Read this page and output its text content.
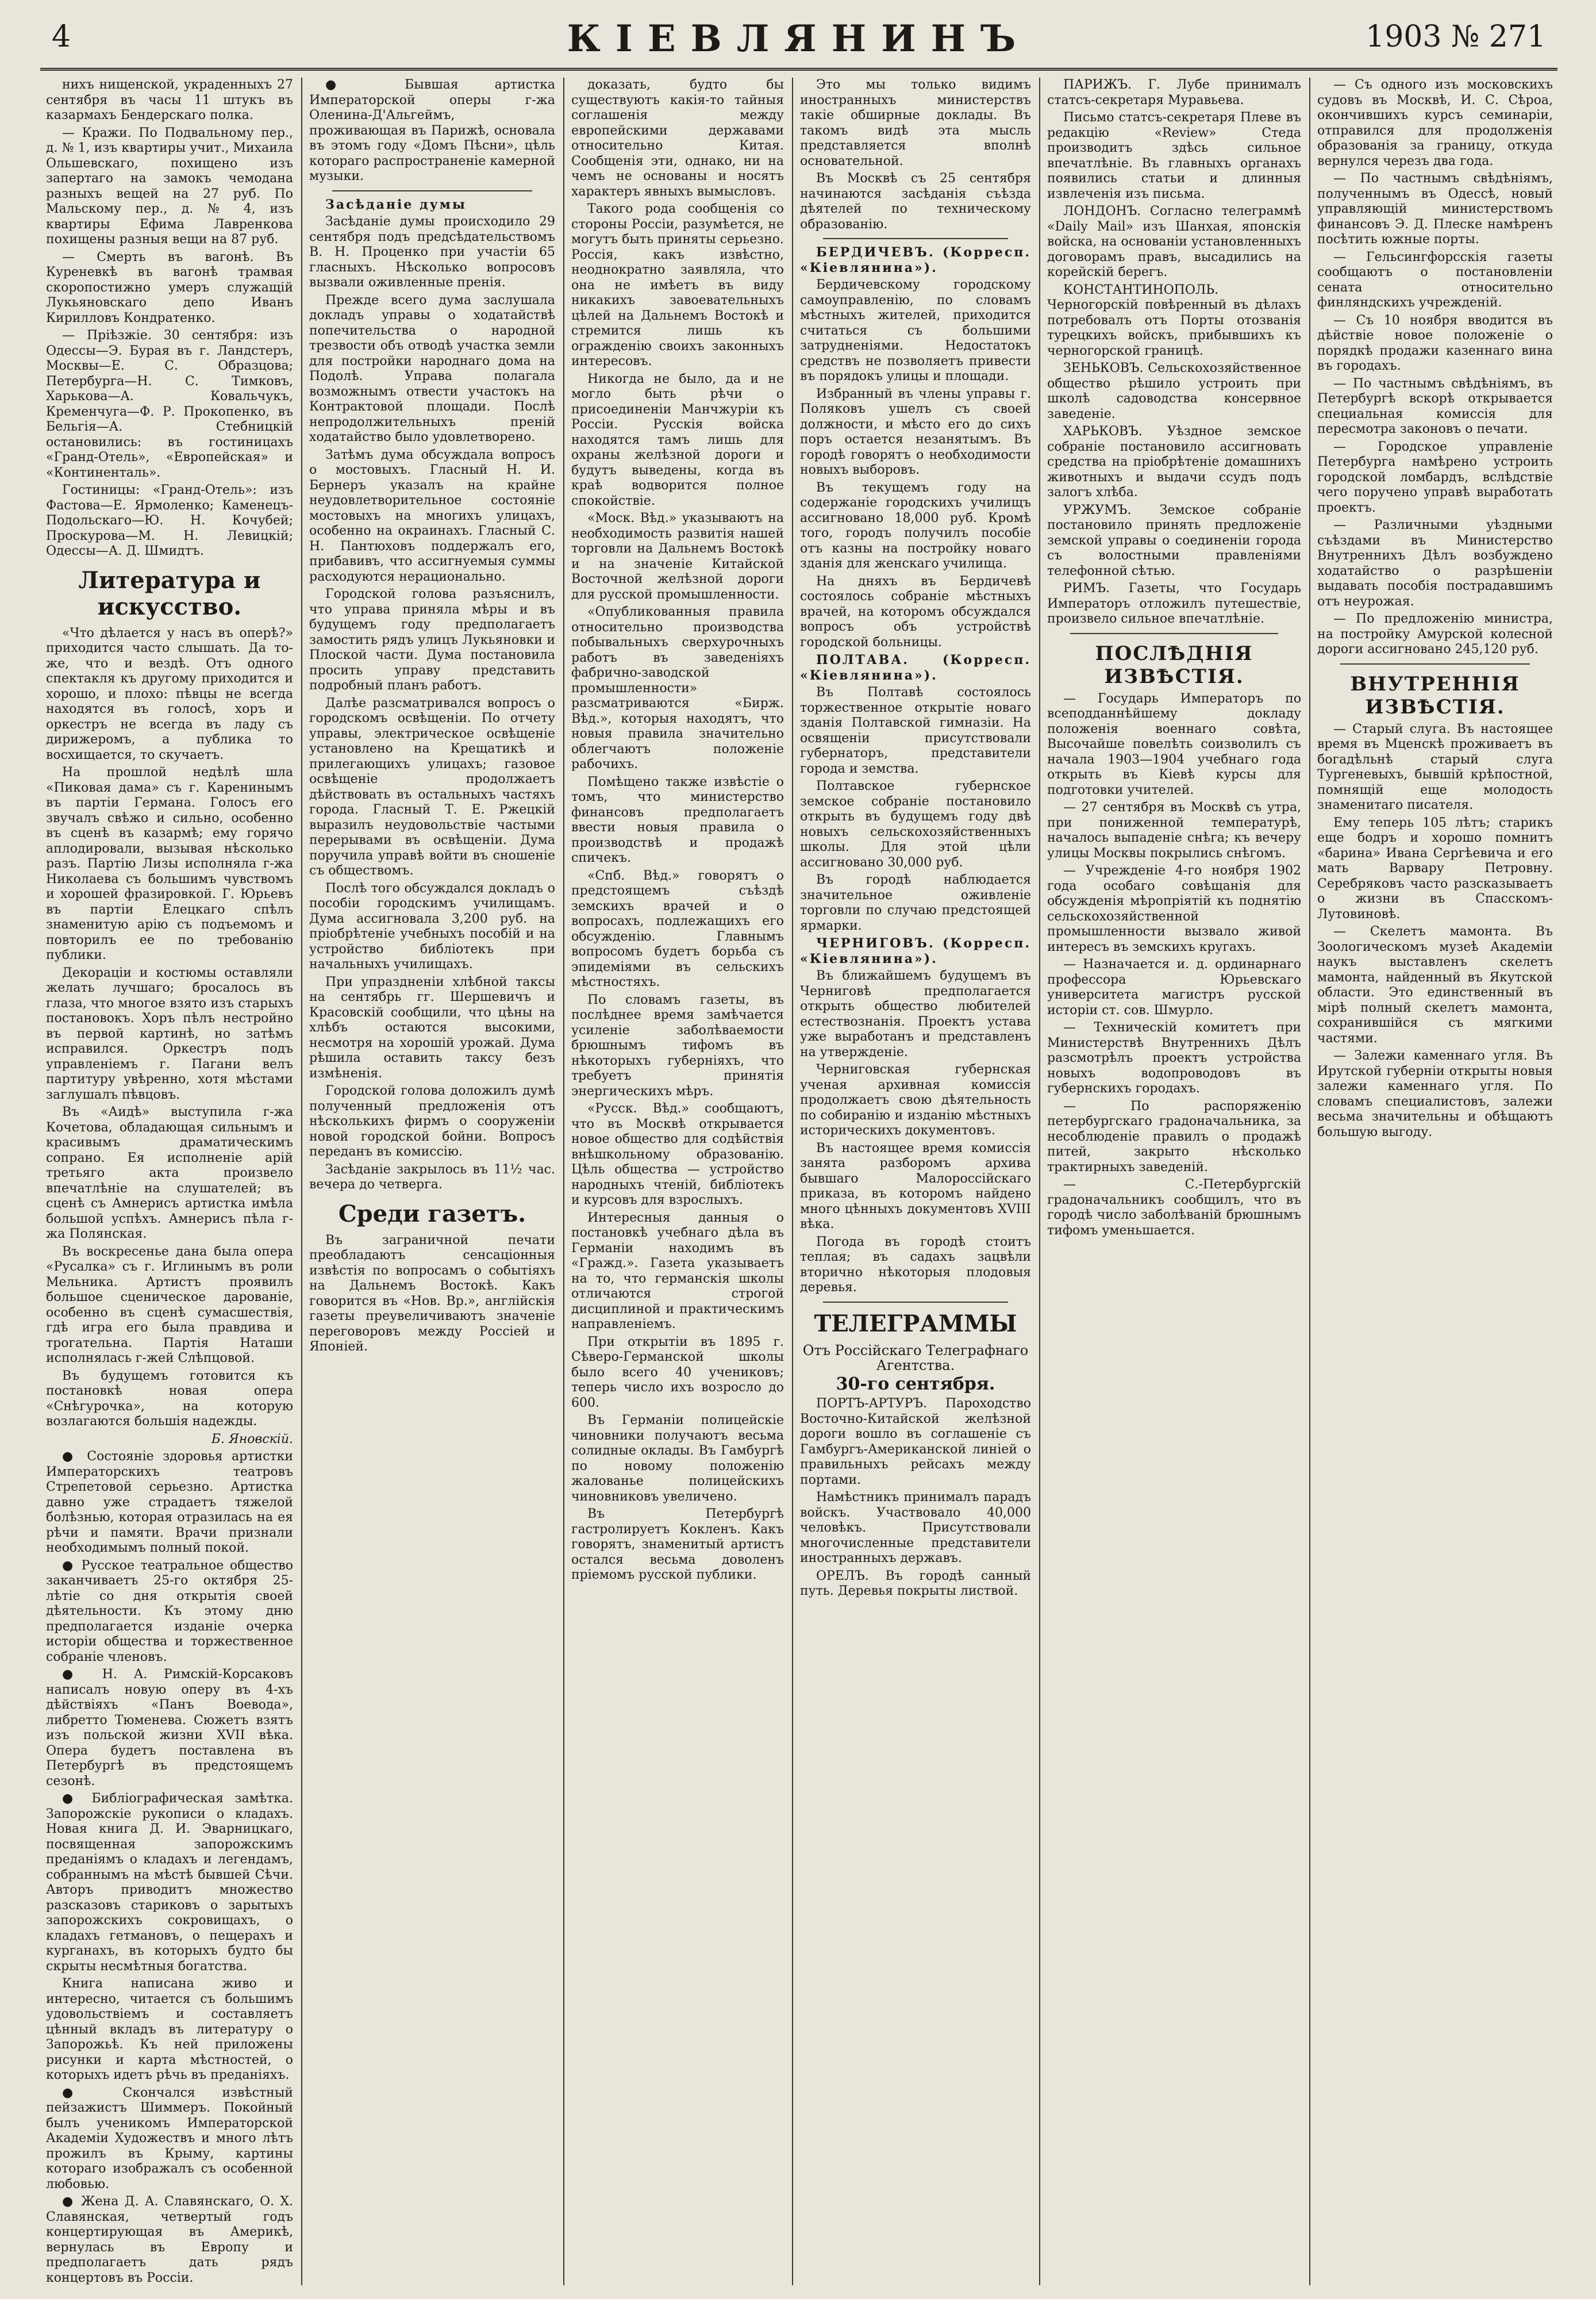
4	КІЕВЛЯНИНЪ	1903 № 271

нихъ нищенской, украденныхъ 27 сентября въ часы 11 штукъ въ казармахъ Бендерскаго полка.

— Кражи. По Подвальному пер., д. № 1, изъ квартиры учит., Михаила Ольшевскаго, похищено изъ запертаго на замокъ чемодана разныхъ вещей на 27 руб. По Мальскому пер., д. № 4, изъ квартиры Ефима Лавренкова похищены разныя вещи на 87 руб.

— Смерть въ вагонѣ. Въ Куреневкѣ въ вагонѣ трамвая скоропостижно умеръ служащій Лукьяновскаго депо Иванъ Кирилловъ Кондратенко.

— Пріѣзжіе. 30 сентября: изъ Одессы—Э. Бурая въ г. Ландстеръ, Москвы—Е. С. Образцова; Петербурга—Н. С. Тимковъ, Харькова—А. Ковальчукъ, Кременчуга—Ф. Р. Прокопенко, въ Бельгія—А. Стебницкій остановились: въ гостиницахъ «Гранд-Отель», «Европейская» и «Континенталь».

Гостиницы: «Гранд-Отель»: изъ Фастова—Е. Ярмоленко; Каменецъ-Подольскаго—Ю. Н. Кочубей; Проскурова—М. Н. Левицкій; Одессы—А. Д. Шмидтъ.

Литература и искусство.

«Что дѣлается у насъ въ оперѣ?» приходится часто слышать. Да то-же, что и вездѣ. Отъ одного спектакля къ другому приходится и хорошо, и плохо: пѣвцы не всегда находятся въ голосѣ, хоръ и оркестръ не всегда въ ладу съ дирижеромъ, а публика то восхищается, то скучаетъ.

На прошлой недѣлѣ шла «Пиковая дама» съ г. Каренинымъ въ партіи Германа. Голосъ его звучалъ свѣжо и сильно, особенно въ сценѣ въ казармѣ; ему горячо аплодировали, вызывая нѣсколько разъ. Партію Лизы исполняла г-жа Николаева съ большимъ чувствомъ и хорошей фразировкой. Г. Юрьевъ въ партіи Елецкаго спѣлъ знаменитую арію съ подъемомъ и повторилъ ее по требованію публики.

Декораціи и костюмы оставляли желать лучшаго; бросалось въ глаза, что многое взято изъ старыхъ постановокъ. Хоръ пѣлъ нестройно въ первой картинѣ, но затѣмъ исправился. Оркестръ подъ управленіемъ г. Пагани велъ партитуру увѣренно, хотя мѣстами заглушалъ пѣвцовъ.

Въ «Аидѣ» выступила г-жа Кочетова, обладающая сильнымъ и красивымъ драматическимъ сопрано. Ея исполненіе арій третьяго акта произвело впечатлѣніе на слушателей; въ сценѣ съ Амнерисъ артистка имѣла большой успѣхъ. Амнерисъ пѣла г-жа Полянская.

Въ воскресенье дана была опера «Русалка» съ г. Иглинымъ въ роли Мельника. Артистъ проявилъ большое сценическое дарованіе, особенно въ сценѣ сумасшествія, гдѣ игра его была правдива и трогательна. Партія Наташи исполнялась г-жей Слѣпцовой.

Въ будущемъ готовится къ постановкѣ новая опера «Снѣгурочка», на которую возлагаются большія надежды.

Б. Яновскій.

● Состояніе здоровья артистки Императорскихъ театровъ Стрепетовой серьезно. Артистка давно уже страдаетъ тяжелой болѣзнью, которая отразилась на ея рѣчи и памяти. Врачи признали необходимымъ полный покой.

● Русское театральное общество заканчиваетъ 25-го октября 25-лѣтіе со дня открытія своей дѣятельности. Къ этому дню предполагается изданіе очерка исторіи общества и торжественное собраніе членовъ.

● Н. А. Римскій-Корсаковъ написалъ новую оперу въ 4-хъ дѣйствіяхъ «Панъ Воевода», либретто Тюменева. Сюжетъ взятъ изъ польской жизни XVII вѣка. Опера будетъ поставлена въ Петербургѣ въ предстоящемъ сезонѣ.

● Библіографическая замѣтка. Запорожскіе рукописи о кладахъ. Новая книга Д. И. Эварницкаго, посвященная запорожскимъ преданіямъ о кладахъ и легендамъ, собраннымъ на мѣстѣ бывшей Сѣчи. Авторъ приводитъ множество разсказовъ стариковъ о зарытыхъ запорожскихъ сокровищахъ, о кладахъ гетмановъ, о пещерахъ и курганахъ, въ которыхъ будто бы скрыты несмѣтныя богатства.

Книга написана живо и интересно, читается съ большимъ удовольствіемъ и составляетъ цѣнный вкладъ въ литературу о Запорожьѣ. Къ ней приложены рисунки и карта мѣстностей, о которыхъ идетъ рѣчь въ преданіяхъ.

● Скончался извѣстный пейзажистъ Шиммеръ. Покойный былъ ученикомъ Императорской Академіи Художествъ и много лѣтъ прожилъ въ Крыму, картины котораго изображалъ съ особенной любовью.

● Жена Д. А. Славянскаго, О. Х. Славянская, четвертый годъ концертирующая въ Америкѣ, вернулась въ Европу и предполагаетъ дать рядъ концертовъ въ Россіи.

● Бывшая артистка Императорской оперы г-жа Оленина-Д'Альгеймъ, проживающая въ Парижѣ, основала въ этомъ году «Домъ Пѣсни», цѣль котораго распространеніе камерной музыки.

Засѣданіе думы

Засѣданіе думы происходило 29 сентября подъ предсѣдательствомъ В. Н. Проценко при участіи 65 гласныхъ. Нѣсколько вопросовъ вызвали оживленные пренія.

Прежде всего дума заслушала докладъ управы о ходатайствѣ попечительства о народной трезвости объ отводѣ участка земли для постройки народнаго дома на Подолѣ. Управа полагала возможнымъ отвести участокъ на Контрактовой площади. Послѣ непродолжительныхъ преній ходатайство было удовлетворено.

Затѣмъ дума обсуждала вопросъ о мостовыхъ. Гласный Н. И. Бернеръ указалъ на крайне неудовлетворительное состояніе мостовыхъ на многихъ улицахъ, особенно на окраинахъ. Гласный С. Н. Пантюховъ поддержалъ его, прибавивъ, что ассигнуемыя суммы расходуются нерационально.

Городской голова разъяснилъ, что управа приняла мѣры и въ будущемъ году предполагаетъ замостить рядъ улицъ Лукьяновки и Плоской части. Дума постановила просить управу представить подробный планъ работъ.

Далѣе разсматривался вопросъ о городскомъ освѣщеніи. По отчету управы, электрическое освѣщеніе установлено на Крещатикѣ и прилегающихъ улицахъ; газовое освѣщеніе продолжаетъ дѣйствовать въ остальныхъ частяхъ города. Гласный Т. Е. Ржецкій выразилъ неудовольствіе частыми перерывами въ освѣщеніи. Дума поручила управѣ войти въ сношеніе съ обществомъ.

Послѣ того обсуждался докладъ о пособіи городскимъ училищамъ. Дума ассигновала 3,200 руб. на пріобрѣтеніе учебныхъ пособій и на устройство библіотекъ при начальныхъ училищахъ.

При упраздненіи хлѣбной таксы на сентябрь гг. Шершевичъ и Красовскій сообщили, что цѣны на хлѣбъ остаются высокими, несмотря на хорошій урожай. Дума рѣшила оставить таксу безъ измѣненія.

Городской голова доложилъ думѣ полученный предложенія отъ нѣсколькихъ фирмъ о сооруженіи новой городской бойни. Вопросъ переданъ въ комиссію.

Засѣданіе закрылось въ 11½ час. вечера до четверга.

Среди газетъ.

Въ заграничной печати преобладаютъ сенсаціонныя извѣстія по вопросамъ о событіяхъ на Дальнемъ Востокѣ. Какъ говорится въ «Нов. Вр.», англійскія газеты преувеличиваютъ значеніе переговоровъ между Россіей и Японіей.

доказать, будто бы существуютъ какія-то тайныя соглашенія между европейскими державами относительно Китая. Сообщенія эти, однако, ни на чемъ не основаны и носятъ характеръ явныхъ вымысловъ.

Такого рода сообщенія со стороны Россіи, разумѣется, не могутъ быть приняты серьезно. Россія, какъ извѣстно, неоднократно заявляла, что она не имѣетъ въ виду никакихъ завоевательныхъ цѣлей на Дальнемъ Востокѣ и стремится лишь къ огражденію своихъ законныхъ интересовъ.

Никогда не было, да и не могло быть рѣчи о присоединеніи Манчжуріи къ Россіи. Русскія войска находятся тамъ лишь для охраны желѣзной дороги и будутъ выведены, когда въ краѣ водворится полное спокойствіе.

«Моск. Вѣд.» указываютъ на необходимость развитія нашей торговли на Дальнемъ Востокѣ и на значеніе Китайской Восточной желѣзной дороги для русской промышленности.

«Опубликованныя правила относительно производства побывальныхъ сверхурочныхъ работъ въ заведеніяхъ фабрично-заводской промышленности» разсматриваются «Бирж. Вѣд.», которыя находятъ, что новыя правила значительно облегчаютъ положеніе рабочихъ.

Помѣщено также извѣстіе о томъ, что министерство финансовъ предполагаетъ ввести новыя правила о производствѣ и продажѣ спичекъ.

«Спб. Вѣд.» говорятъ о предстоящемъ съѣздѣ земскихъ врачей и о вопросахъ, подлежащихъ его обсужденію. Главнымъ вопросомъ будетъ борьба съ эпидеміями въ сельскихъ мѣстностяхъ.

По словамъ газеты, въ послѣднее время замѣчается усиленіе заболѣваемости брюшнымъ тифомъ въ нѣкоторыхъ губерніяхъ, что требуетъ принятія энергическихъ мѣръ.

«Русск. Вѣд.» сообщаютъ, что въ Москвѣ открывается новое общество для содѣйствія внѣшкольному образованію. Цѣль общества — устройство народныхъ чтеній, библіотекъ и курсовъ для взрослыхъ.

Интересныя данныя о постановкѣ учебнаго дѣла въ Германіи находимъ въ «Гражд.». Газета указываетъ на то, что германскія школы отличаются строгой дисциплиной и практическимъ направленіемъ.

При открытіи въ 1895 г. Сѣверо-Германской школы было всего 40 учениковъ; теперь число ихъ возросло до 600.

Въ Германіи полицейскіе чиновники получаютъ весьма солидные оклады. Въ Гамбургѣ по новому положенію жалованье полицейскихъ чиновниковъ увеличено.

Въ Петербургѣ гастролируетъ Кокленъ. Какъ говорятъ, знаменитый артистъ остался весьма доволенъ пріемомъ русской публики.

Это мы только видимъ иностранныхъ министерствъ такіе обширные доклады. Въ такомъ видѣ эта мысль представляется вполнѣ основательной.

Въ Москвѣ съ 25 сентября начинаются засѣданія съѣзда дѣятелей по техническому образованію.

БЕРДИЧЕВЪ. (Корресп. «Кіевлянина»).

Бердичевскому городскому самоуправленію, по словамъ мѣстныхъ жителей, приходится считаться съ большими затрудненіями. Недостатокъ средствъ не позволяетъ привести въ порядокъ улицы и площади.

Избранный въ члены управы г. Поляковъ ушелъ съ своей должности, и мѣсто его до сихъ поръ остается незанятымъ. Въ городѣ говорятъ о необходимости новыхъ выборовъ.

Въ текущемъ году на содержаніе городскихъ училищъ ассигновано 18,000 руб. Кромѣ того, городъ получилъ пособіе отъ казны на постройку новаго зданія для женскаго училища.

На дняхъ въ Бердичевѣ состоялось собраніе мѣстныхъ врачей, на которомъ обсуждался вопросъ объ устройствѣ городской больницы.

ПОЛТАВА. (Корресп. «Кіевлянина»).

Въ Полтавѣ состоялось торжественное открытіе новаго зданія Полтавской гимназіи. На освященіи присутствовали губернаторъ, представители города и земства.

Полтавское губернское земское собраніе постановило открыть въ будущемъ году двѣ новыхъ сельскохозяйственныхъ школы. Для этой цѣли ассигновано 30,000 руб.

Въ городѣ наблюдается значительное оживленіе торговли по случаю предстоящей ярмарки.

ЧЕРНИГОВЪ. (Корресп. «Кіевлянина»).

Въ ближайшемъ будущемъ въ Черниговѣ предполагается открыть общество любителей естествознанія. Проектъ устава уже выработанъ и представленъ на утвержденіе.

Черниговская губернская ученая архивная комиссія продолжаетъ свою дѣятельность по собиранію и изданію мѣстныхъ историческихъ документовъ.

Въ настоящее время комиссія занята разборомъ архива бывшаго Малороссійскаго приказа, въ которомъ найдено много цѣнныхъ документовъ XVIII вѣка.

Погода въ городѣ стоитъ теплая; въ садахъ зацвѣли вторично нѣкоторыя плодовыя деревья.

ТЕЛЕГРАММЫ

Отъ Россійскаго Телеграфнаго Агентства.

30-го сентября.

ПОРТЪ-АРТУРЪ. Пароходство Восточно-Китайской желѣзной дороги вошло въ соглашеніе съ Гамбургъ-Американской линіей о правильныхъ рейсахъ между портами.

Намѣстникъ принималъ парадъ войскъ. Участвовало 40,000 человѣкъ. Присутствовали многочисленные представители иностранныхъ державъ.

ОРЕЛЪ. Въ городѣ санный путь. Деревья покрыты листвой.

ПАРИЖЪ. Г. Лубе принималъ статсъ-секретаря Муравьева.

Письмо статсъ-секретаря Плеве въ редакцію «Review» Стеда производитъ здѣсь сильное впечатлѣніе. Въ главныхъ органахъ появились статьи и длинныя извлеченія изъ письма.

ЛОНДОНЪ. Согласно телеграммѣ «Daily Mail» изъ Шанхая, японскія войска, на основаніи установленныхъ договорамъ правъ, высадились на корейскій берегъ.

КОНСТАНТИНОПОЛЬ. Черногорскій повѣренный въ дѣлахъ потребовалъ отъ Порты отозванія турецкихъ войскъ, прибывшихъ къ черногорской границѣ.

ЗЕНЬКОВЪ. Сельскохозяйственное общество рѣшило устроить при школѣ садоводства консервное заведеніе.

ХАРЬКОВЪ. Уѣздное земское собраніе постановило ассигновать средства на пріобрѣтеніе домашнихъ животныхъ и выдачи ссудъ подъ залогъ хлѣба.

УРЖУМЪ. Земское собраніе постановило принять предложеніе земской управы о соединеніи города съ волостными правленіями телефонной сѣтью.

РИМЪ. Газеты, что Государь Императоръ отложилъ путешествіе, произвело сильное впечатлѣніе.

ПОСЛѢДНІЯ ИЗВѢСТІЯ.

— Государь Императоръ по всеподданнѣйшему докладу положенія военнаго совѣта, Высочайше повелѣть соизволилъ съ начала 1903—1904 учебнаго года открыть въ Кіевѣ курсы для подготовки учителей.

— 27 сентября въ Москвѣ съ утра, при пониженной температурѣ, началось выпаденіе снѣга; къ вечеру улицы Москвы покрылись снѣгомъ.

— Учрежденіе 4-го ноября 1902 года особаго совѣщанія для обсужденія мѣропріятій къ поднятію сельскохозяйственной промышленности вызвало живой интересъ въ земскихъ кругахъ.

— Назначается и. д. ординарнаго профессора Юрьевскаго университета магистръ русской исторіи ст. сов. Шмурло.

— Техническій комитетъ при Министерствѣ Внутреннихъ Дѣлъ разсмотрѣлъ проектъ устройства новыхъ водопроводовъ въ губернскихъ городахъ.

— По распоряженію петербургскаго градоначальника, за несоблюденіе правилъ о продажѣ питей, закрыто нѣсколько трактирныхъ заведеній.

— С.-Петербургскій градоначальникъ сообщилъ, что въ городѣ число заболѣваній брюшнымъ тифомъ уменьшается.

— Съ одного изъ московскихъ судовъ въ Москвѣ, И. С. Сѣроа, окончившихъ курсъ семинаріи, отправился для продолженія образованія за границу, откуда вернулся черезъ два года.

— По частнымъ свѣдѣніямъ, полученнымъ въ Одессѣ, новый управляющій министерствомъ финансовъ Э. Д. Плеске намѣренъ посѣтить южные порты.

— Гельсингфорсскія газеты сообщаютъ о постановленіи сената относительно финляндскихъ учрежденій.

— Съ 10 ноября вводится въ дѣйствіе новое положеніе о порядкѣ продажи казеннаго вина въ городахъ.

— По частнымъ свѣдѣніямъ, въ Петербургѣ вскорѣ открывается специальная комиссія для пересмотра законовъ о печати.

— Городское управленіе Петербурга намѣрено устроить городской ломбардъ, вслѣдствіе чего поручено управѣ выработать проектъ.

— Различными уѣздными съѣздами въ Министерство Внутреннихъ Дѣлъ возбуждено ходатайство о разрѣшеніи выдавать пособія пострадавшимъ отъ неурожая.

— По предложенію министра, на постройку Амурской колесной дороги ассигновано 245,120 руб.

ВНУТРЕННІЯ ИЗВѢСТІЯ.

— Старый слуга. Въ настоящее время въ Мценскѣ проживаетъ въ богадѣльнѣ старый слуга Тургеневыхъ, бывшій крѣпостной, помнящій еще молодость знаменитаго писателя.

Ему теперь 105 лѣтъ; старикъ еще бодръ и хорошо помнитъ «барина» Ивана Сергѣевича и его мать Варвару Петровну. Серебряковъ часто разсказываетъ о жизни въ Спасскомъ-Лутовиновѣ.

— Скелетъ мамонта. Въ Зоологическомъ музеѣ Академіи наукъ выставленъ скелетъ мамонта, найденный въ Якутской области. Это единственный въ мірѣ полный скелетъ мамонта, сохранившійся съ мягкими частями.

— Залежи каменнаго угля. Въ Ирутской губерніи открыты новыя залежи каменнаго угля. По словамъ специалистовъ, залежи весьма значительны и обѣщаютъ большую выгоду.
